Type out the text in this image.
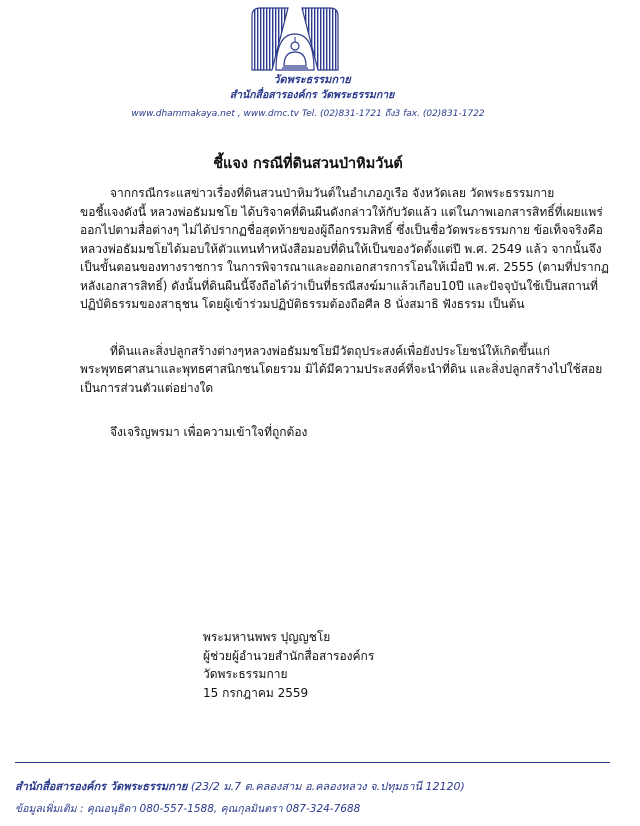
วัดพระธรรมกาย
สำนักสื่อสารองค์กร วัดพระธรรมกาย
www.dhammakaya.net , www.dmc.tv Tel. (02)831-1721 ถึง3 fax. (02)831-1722
ชี้แจง กรณีที่ดินสวนป่าหิมวันต์

จากกรณีกระแสข่าวเรื่องที่ดินสวนป่าหิมวันต์ในอำเภอภูเรือ จังหวัดเลย วัดพระธรรมกาย
ขอชี้แจงดังนี้ หลวงพ่อธัมมชโย ได้บริจาคที่ดินผืนดังกล่าวให้กับวัดแล้ว แต่ในภาพเอกสารสิทธิ์ที่เผยแพร่
ออกไปตามสื่อต่างๆ ไม่ได้ปรากฏชื่อสุดท้ายของผู้ถือกรรมสิทธิ์ ซึ่งเป็นชื่อวัดพระธรรมกาย ข้อเท็จจริงคือ
หลวงพ่อธัมมชโยได้มอบให้ตัวแทนทำหนังสือมอบที่ดินให้เป็นของวัดตั้งแต่ปี พ.ศ. 2549 แล้ว จากนั้นจึง
เป็นขั้นตอนของทางราชการ ในการพิจารณาและออกเอกสารการโอนให้เมื่อปี พ.ศ. 2555 (ตามที่ปรากฏ
หลังเอกสารสิทธิ์) ดังนั้นที่ดินผืนนี้จึงถือได้ว่าเป็นที่ธรณีสงฆ์มาแล้วเกือบ10ปี และปัจจุบันใช้เป็นสถานที่
ปฏิบัติธรรมของสาธุชน โดยผู้เข้าร่วมปฏิบัติธรรมต้องถือศีล 8 นั่งสมาธิ ฟังธรรม เป็นต้น

ที่ดินและสิ่งปลูกสร้างต่างๆหลวงพ่อธัมมชโยมีวัตถุประสงค์เพื่อยังประโยชน์ให้เกิดขึ้นแก่
พระพุทธศาสนาและพุทธศาสนิกชนโดยรวม มิได้มีความประสงค์ที่จะนำที่ดิน และสิ่งปลูกสร้างไปใช้สอย
เป็นการส่วนตัวแต่อย่างใด

จึงเจริญพรมา เพื่อความเข้าใจที่ถูกต้อง

พระมหานพพร ปุญญชโย
ผู้ช่วยผู้อำนวยสำนักสื่อสารองค์กร
วัดพระธรรมกาย
15 กรกฎาคม 2559
สำนักสื่อสารองค์กร วัดพระธรรมกาย (23/2 ม.7 ต.คลองสาม อ.คลองหลวง จ.ปทุมธานี 12120)
ข้อมูลเพิ่มเติม : คุณอนุธิดา 080-557-1588, คุณกุลมินตรา 087-324-7688
